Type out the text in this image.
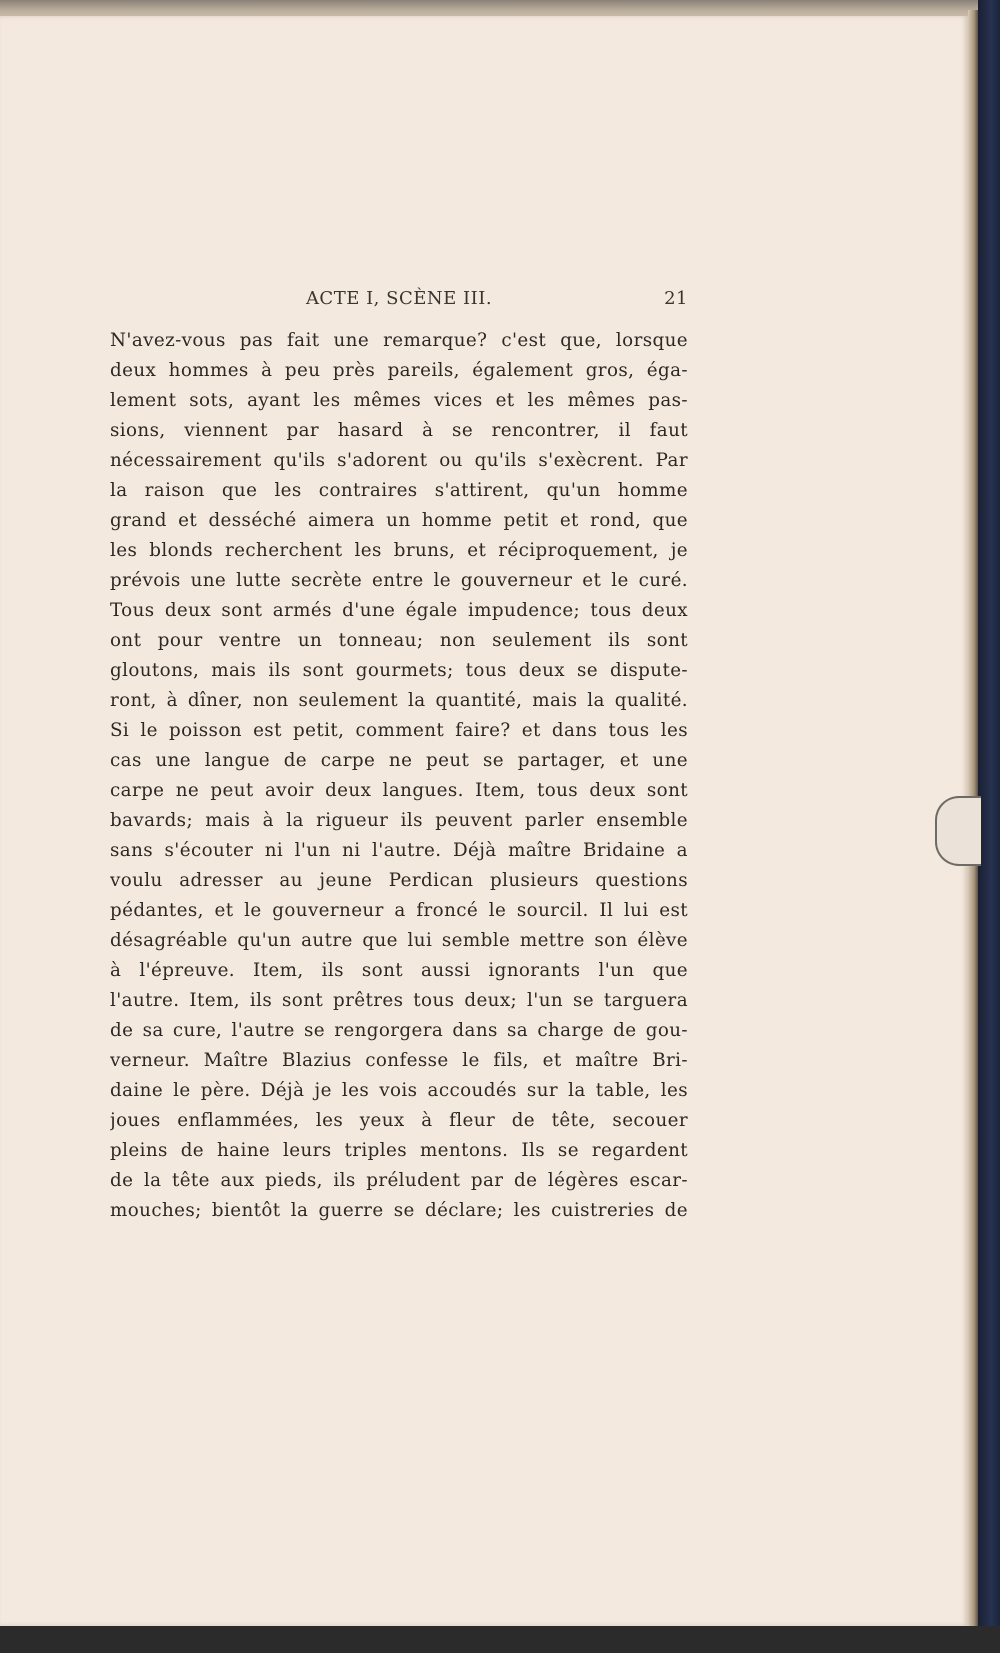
ACTE I, SCÈNE III.	21
N'avez-vous pas fait une remarque? c'est que, lorsque
deux hommes à peu près pareils, également gros, éga-
lement sots, ayant les mêmes vices et les mêmes pas-
sions, viennent par hasard à se rencontrer, il faut
nécessairement qu'ils s'adorent ou qu'ils s'exècrent. Par
la raison que les contraires s'attirent, qu'un homme
grand et desséché aimera un homme petit et rond, que
les blonds recherchent les bruns, et réciproquement, je
prévois une lutte secrète entre le gouverneur et le curé.
Tous deux sont armés d'une égale impudence; tous deux
ont pour ventre un tonneau; non seulement ils sont
gloutons, mais ils sont gourmets; tous deux se dispute-
ront, à dîner, non seulement la quantité, mais la qualité.
Si le poisson est petit, comment faire? et dans tous les
cas une langue de carpe ne peut se partager, et une
carpe ne peut avoir deux langues. Item, tous deux sont
bavards; mais à la rigueur ils peuvent parler ensemble
sans s'écouter ni l'un ni l'autre. Déjà maître Bridaine a
voulu adresser au jeune Perdican plusieurs questions
pédantes, et le gouverneur a froncé le sourcil. Il lui est
désagréable qu'un autre que lui semble mettre son élève
à l'épreuve. Item, ils sont aussi ignorants l'un que
l'autre. Item, ils sont prêtres tous deux; l'un se targuera
de sa cure, l'autre se rengorgera dans sa charge de gou-
verneur. Maître Blazius confesse le fils, et maître Bri-
daine le père. Déjà je les vois accoudés sur la table, les
joues enflammées, les yeux à fleur de tête, secouer
pleins de haine leurs triples mentons. Ils se regardent
de la tête aux pieds, ils préludent par de légères escar-
mouches; bientôt la guerre se déclare; les cuistreries de
